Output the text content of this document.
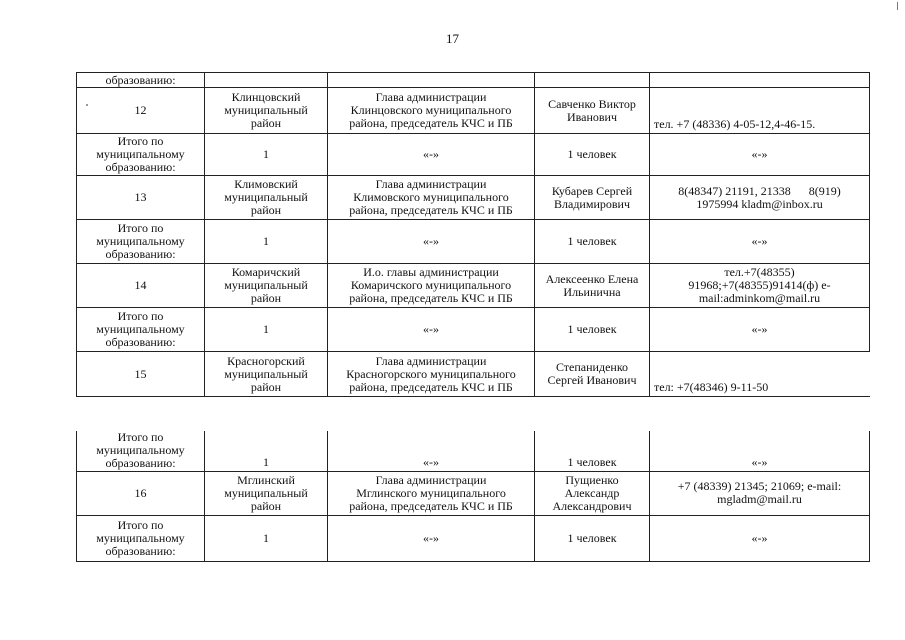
17
образованию:				
12	Клинцовский
муниципальный
район	Глава администрации
Клинцовского муниципального
района, председатель КЧС и ПБ	Савченко Виктор
Иванович	тел. +7 (48336) 4-05-12,4-46-15.
Итого по
муниципальному
образованию:	1	«-»	1 человек	«-»
13	Климовский
муниципальный
район	Глава администрации
Климовского муниципального
района, председатель КЧС и ПБ	Кубарев Сергей
Владимирович	8(48347) 21191, 21338      8(919)
1975994 kladm@inbox.ru
Итого по
муниципальному
образованию:	1	«-»	1 человек	«-»
14	Комаричский
муниципальный
район	И.о. главы администрации
Комаричского муниципального
района, председатель КЧС и ПБ	Алексеенко Елена
Ильинична	тел.+7(48355)
91968;+7(48355)91414(ф) e-
mail:adminkom@mail.ru
Итого по
муниципальному
образованию:	1	«-»	1 человек	«-»
15	Красногорский
муниципальный
район	Глава администрации
Красногорского муниципального
района, председатель КЧС и ПБ	Степаниденко
Сергей Иванович	тел: +7(48346) 9-11-50
Итого по
муниципальному
образованию:	1	«-»	1 человек	«-»
16	Мглинский
муниципальный
район	Глава администрации
Мглинского муниципального
района, председатель КЧС и ПБ	Пущиенко
Александр
Александрович	+7 (48339) 21345; 21069; e-mail:
mgladm@mail.ru
Итого по
муниципальному
образованию:	1	«-»	1 человек	«-»
